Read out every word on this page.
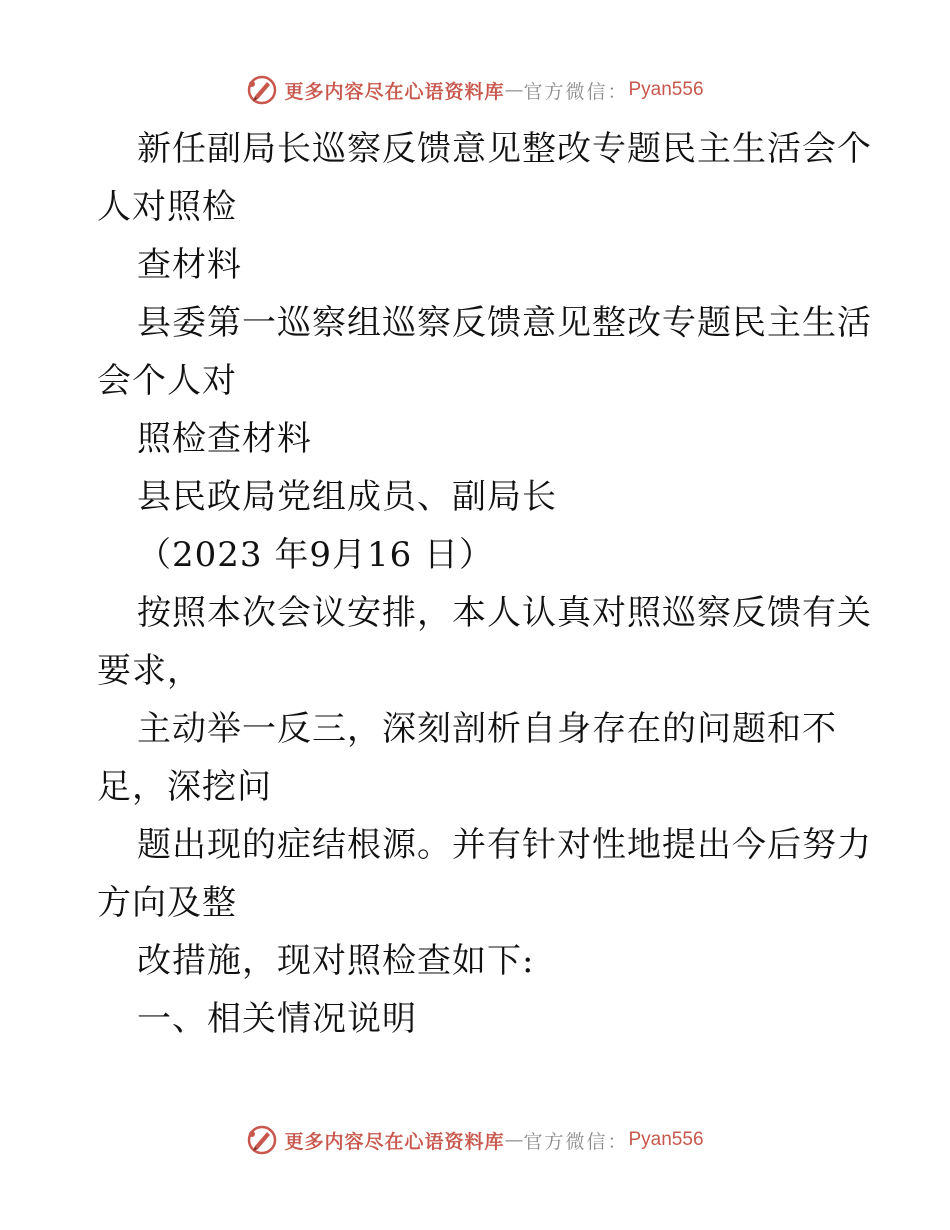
更多内容尽在心语资料库 — 官方微信： Pyan556
新任副局长巡察反馈意见整改专题民主生活会个
人对照检
查材料
县委第一巡察组巡察反馈意见整改专题民主生活
会个人对
照检查材料
县民政局党组成员、副局长
（2023 年9月16 日）
按照本次会议安排，本人认真对照巡察反馈有关
要求，
主动举一反三，深刻剖析自身存在的问题和不
足，深挖问
题出现的症结根源。并有针对性地提出今后努力
方向及整
改措施，现对照检查如下:
一、相关情况说明
更多内容尽在心语资料库 — 官方微信： Pyan556
